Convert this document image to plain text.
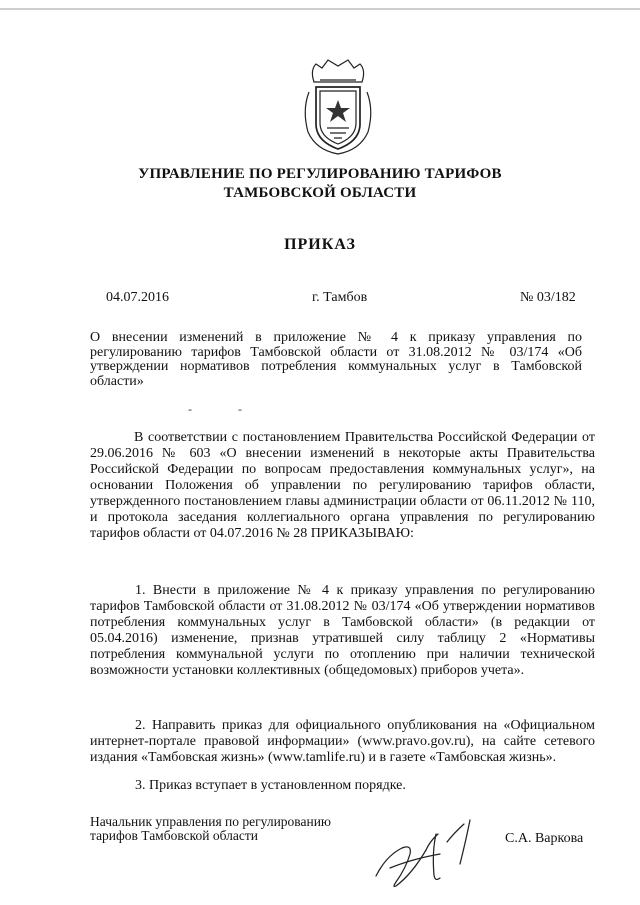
УПРАВЛЕНИЕ ПО РЕГУЛИРОВАНИЮ ТАРИФОВ
ТАМБОВСКОЙ ОБЛАСТИ
ПРИКАЗ
04.07.2016	г. Тамбов	№ 03/182
О внесении изменений в приложение № 4 к приказу управления по регулированию тарифов Тамбовской области от 31.08.2012 № 03/174 «Об утверждении нормативов потребления коммунальных услуг в Тамбовской области»
-	-
В соответствии с постановлением Правительства Российской Федерации от 29.06.2016 № 603 «О внесении изменений в некоторые акты Правительства Российской Федерации по вопросам предоставления коммунальных услуг», на основании Положения об управлении по регулированию тарифов области, утвержденного постановлением главы администрации области от 06.11.2012 № 110, и протокола заседания коллегиального органа управления по регулированию тарифов области от 04.07.2016 № 28 ПРИКАЗЫВАЮ:
1. Внести в приложение № 4 к приказу управления по регулированию тарифов Тамбовской области от 31.08.2012 № 03/174 «Об утверждении нормативов потребления коммунальных услуг в Тамбовской области» (в редакции от 05.04.2016) изменение, признав утратившей силу таблицу 2 «Нормативы потребления коммунальной услуги по отоплению при наличии технической возможности установки коллективных (общедомовых) приборов учета».
2. Направить приказ для официального опубликования на «Официальном интернет-портале правовой информации» (www.pravo.gov.ru), на сайте сетевого издания «Тамбовская жизнь» (www.tamlife.ru) и в газете «Тамбовская жизнь».
3. Приказ вступает в установленном порядке.
Начальник управления по регулированию
тарифов Тамбовской области	С.А. Варкова
